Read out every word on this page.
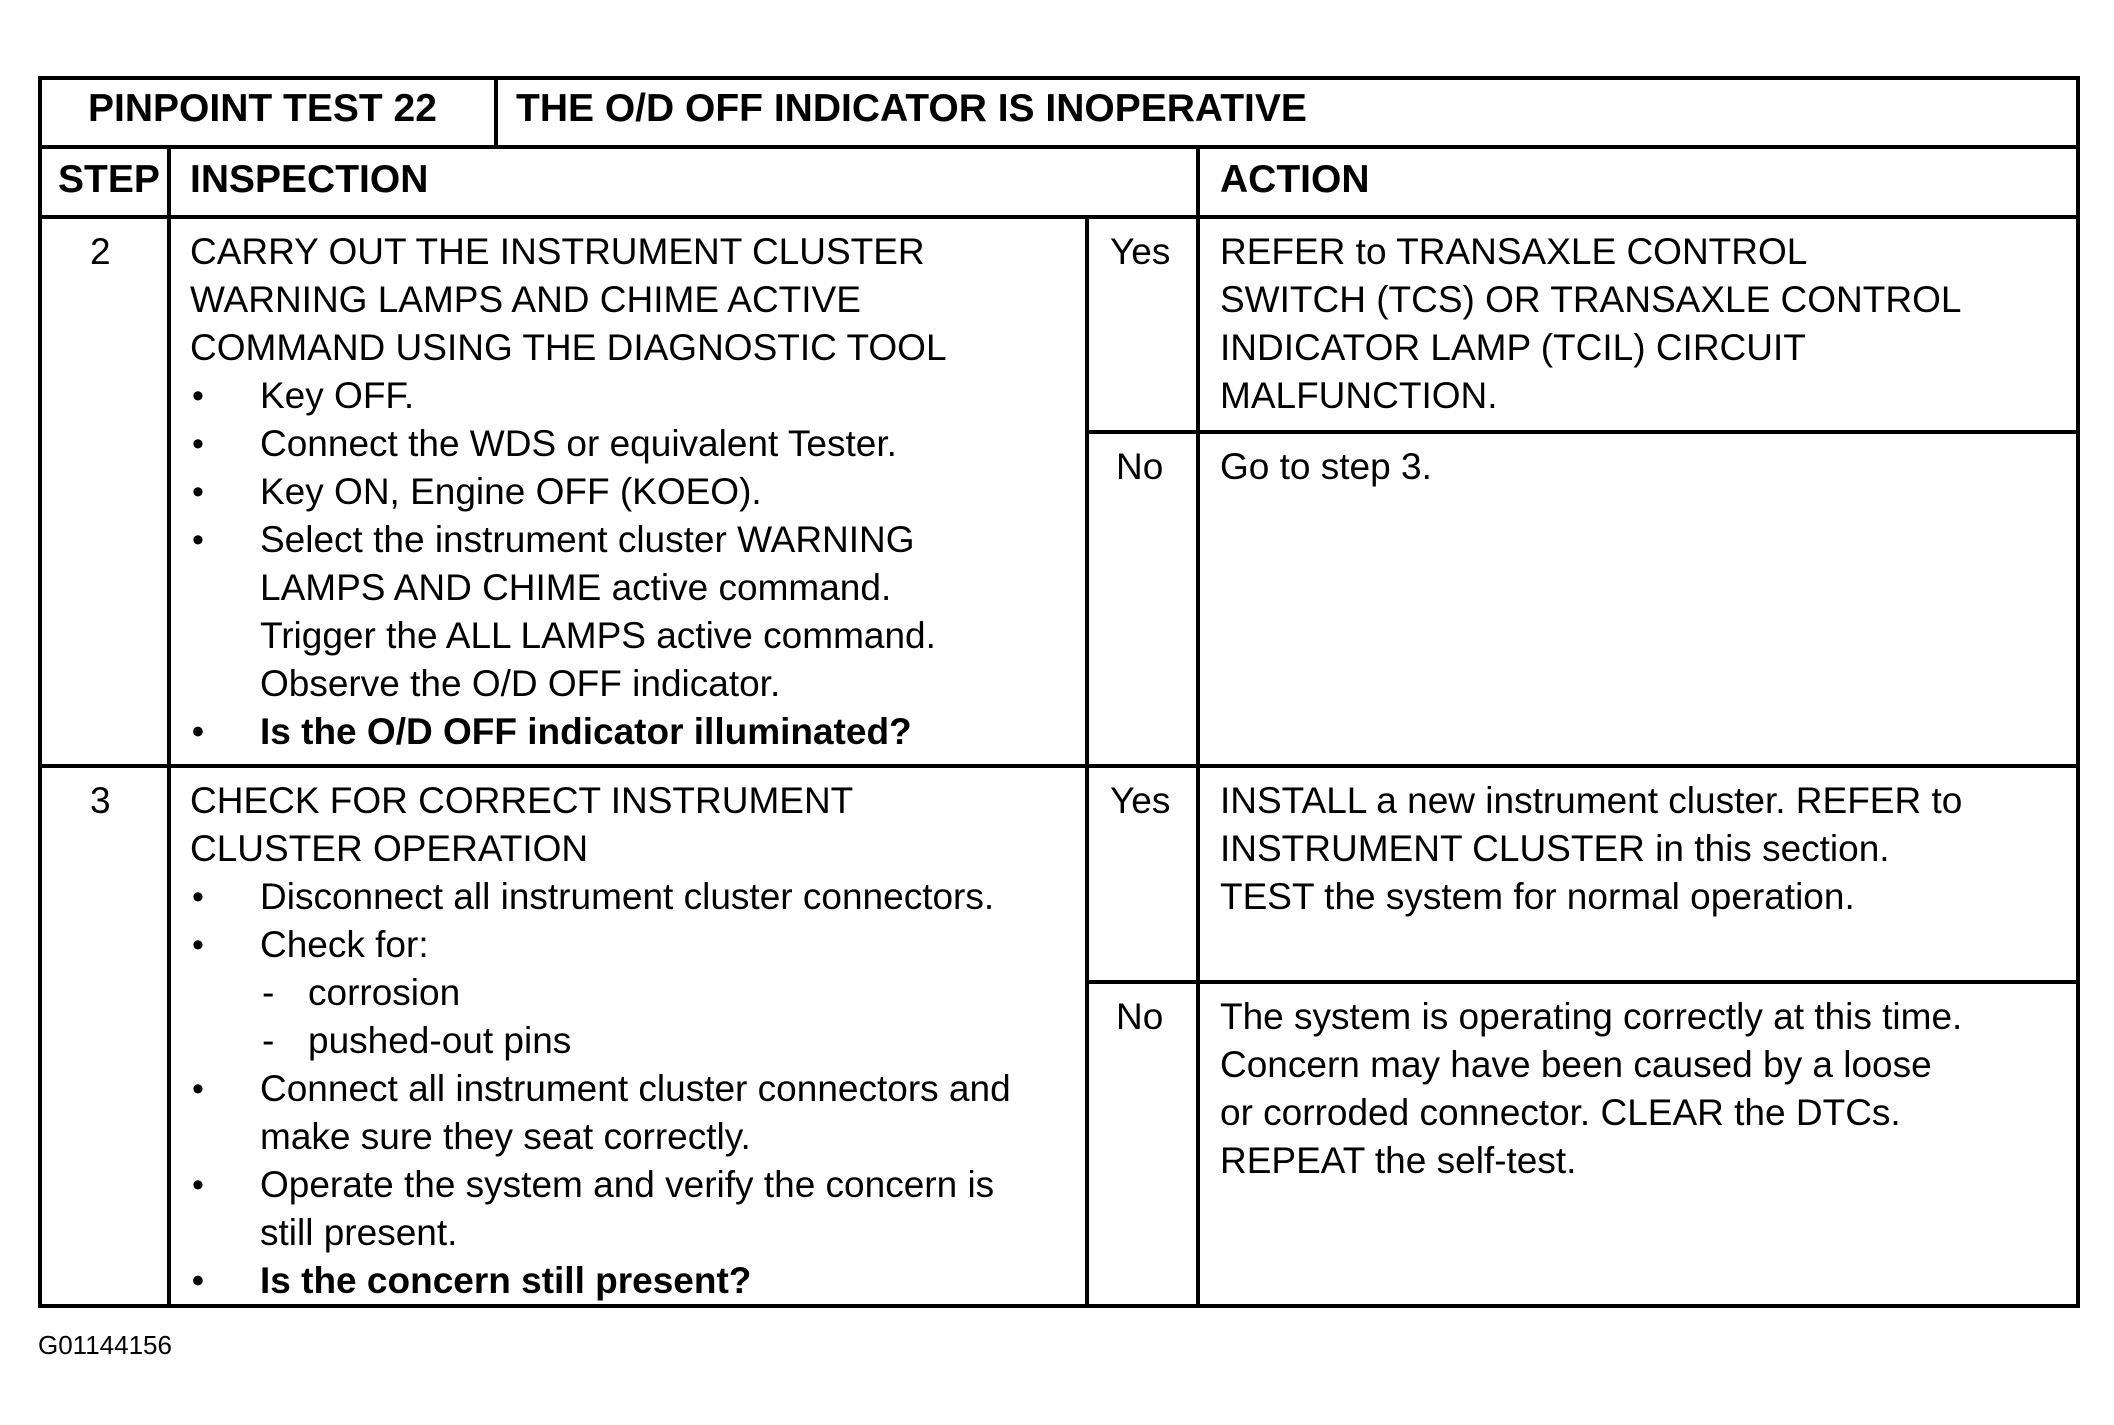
PINPOINT TEST 22 THE O/D OFF INDICATOR IS INOPERATIVE
STEP INSPECTION	ACTION
2 CARRY OUT THE INSTRUMENT CLUSTER
WARNING LAMPS AND CHIME ACTIVE
COMMAND USING THE DIAGNOSTIC TOOL
• Key OFF.
• Connect the WDS or equivalent Tester.
• Key ON, Engine OFF (KOEO).
• Select the instrument cluster WARNING
LAMPS AND CHIME active command.
Trigger the ALL LAMPS active command.
Observe the O/D OFF indicator.
• Is the O/D OFF indicator illuminated?
Yes REFER to TRANSAXLE CONTROL
SWITCH (TCS) OR TRANSAXLE CONTROL
INDICATOR LAMP (TCIL) CIRCUIT
MALFUNCTION.
No Go to step 3.
3 CHECK FOR CORRECT INSTRUMENT
CLUSTER OPERATION
• Disconnect all instrument cluster connectors.
• Check for:
- corrosion
- pushed-out pins
• Connect all instrument cluster connectors and
make sure they seat correctly.
• Operate the system and verify the concern is
still present.
• Is the concern still present?
Yes INSTALL a new instrument cluster. REFER to
INSTRUMENT CLUSTER in this section.
TEST the system for normal operation.
No The system is operating correctly at this time.
Concern may have been caused by a loose
or corroded connector. CLEAR the DTCs.
REPEAT the self-test.
G01144156
